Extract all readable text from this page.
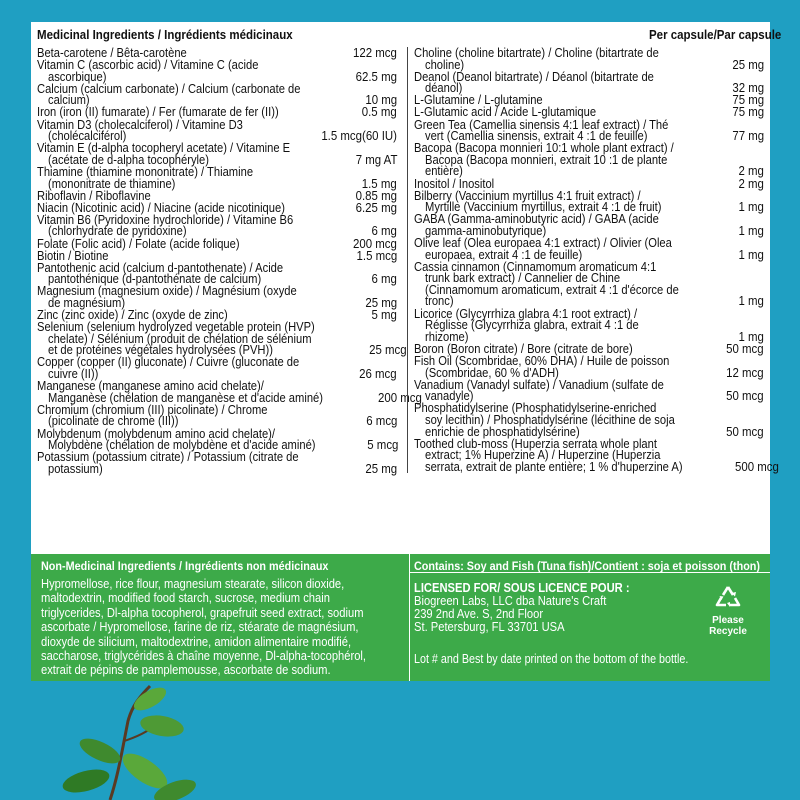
Medicinal Ingredients / Ingrédients médicinaux	Per capsule/Par capsule
Beta-carotene / Bêta-carotène	122 mcg
Vitamin C (ascorbic acid) / Vitamine C (acide
ascorbique)	62.5 mg
Calcium (calcium carbonate) / Calcium (carbonate de
calcium)	10 mg
Iron (iron (II) fumarate) / Fer (fumarate de fer (II))	0.5 mg
Vitamin D3 (cholecalciferol) / Vitamine D3
(cholécalciférol)	1.5 mcg(60 IU)
Vitamin E (d-alpha tocopheryl acetate) / Vitamine E
(acétate de d-alpha tocophéryle)	7 mg AT
Thiamine (thiamine mononitrate) / Thiamine
(mononitrate de thiamine)	1.5 mg
Riboflavin / Riboflavine	0.85 mg
Niacin (Nicotinic acid) / Niacine (acide nicotinique)	6.25 mg
Vitamin B6 (Pyridoxine hydrochloride) / Vitamine B6
(chlorhydrate de pyridoxine)	6 mg
Folate (Folic acid) / Folate (acide folique)	200 mcg
Biotin / Biotine	1.5 mcg
Pantothenic acid (calcium d-pantothenate) / Acide
pantothénique (d-pantothénate de calcium)	6 mg
Magnesium (magnesium oxide) / Magnésium (oxyde
de magnésium)	25 mg
Zinc (zinc oxide) / Zinc (oxyde de zinc)	5 mg
Selenium (selenium hydrolyzed vegetable protein (HVP)
chelate) / Sélénium (produit de chélation de sélénium
et de protéines végétales hydrolysées (PVH))	25 mcg
Copper (copper (II) gluconate) / Cuivre (gluconate de
cuivre (II))	26 mcg
Manganese (manganese amino acid chelate)/
Manganèse (chélation de manganèse et d'acide aminé)	200 mcg
Chromium (chromium (III) picolinate) / Chrome
(picolinate de chrome (III))	6 mcg
Molybdenum (molybdenum amino acid chelate)/
Molybdène (chélation de molybdène et d'acide aminé)	5 mcg
Potassium (potassium citrate) / Potassium (citrate de
potassium)	25 mg
Choline (choline bitartrate) / Choline (bitartrate de
choline)	25 mg
Deanol (Deanol bitartrate) / Déanol (bitartrate de
déanol)	32 mg
L-Glutamine / L-glutamine	75 mg
L-Glutamic acid / Acide L-glutamique	75 mg
Green Tea (Camellia sinensis 4:1 leaf extract) / Thé
vert (Camellia sinensis, extrait 4 :1 de feuille)	77 mg
Bacopa (Bacopa monnieri 10:1 whole plant extract) /
Bacopa (Bacopa monnieri, extrait 10 :1 de plante
entière)	2 mg
Inositol / Inositol	2 mg
Bilberry (Vaccinium myrtillus 4:1 fruit extract) /
Myrtille (Vaccinium myrtillus, extrait 4 :1 de fruit)	1 mg
GABA (Gamma-aminobutyric acid) / GABA (acide
gamma-aminobutyrique)	1 mg
Olive leaf (Olea europaea 4:1 extract) / Olivier (Olea
europaea, extrait 4 :1 de feuille)	1 mg
Cassia cinnamon (Cinnamomum aromaticum 4:1
trunk bark extract) / Cannelier de Chine
(Cinnamomum aromaticum, extrait 4 :1 d'écorce de
tronc)	1 mg
Licorice (Glycyrrhiza glabra 4:1 root extract) /
Réglisse (Glycyrrhiza glabra, extrait 4 :1 de
rhizome)	1 mg
Boron (Boron citrate) / Bore (citrate de bore)	50 mcg
Fish Oil (Scombridae, 60% DHA) / Huile de poisson
(Scombridae, 60 % d'ADH)	12 mcg
Vanadium (Vanadyl sulfate) / Vanadium (sulfate de
vanadyle)	50 mcg
Phosphatidylserine (Phosphatidylserine-enriched
soy lecithin) / Phosphatidylsérine (lécithine de soja
enrichie de phosphatidylsérine)	50 mcg
Toothed club-moss (Huperzia serrata whole plant
extract; 1% Huperzine A) / Huperzine (Huperzia
serrata, extrait de plante entière; 1 % d'huperzine A)	500 mcg
Non-Medicinal Ingredients / Ingrédients non médicinaux
Hypromellose, rice flour, magnesium stearate, silicon dioxide,
maltodextrin, modified food starch, sucrose, medium chain
triglycerides, Dl-alpha tocopherol, grapefruit seed extract, sodium
ascorbate / Hypromellose, farine de riz, stéarate de magnésium,
dioxyde de silicium, maltodextrine, amidon alimentaire modifié,
saccharose, triglycérides à chaîne moyenne, Dl-alpha-tocophérol,
extrait de pépins de pamplemousse, ascorbate de sodium.
Contains: Soy and Fish (Tuna fish)/Contient : soja et poisson (thon)
LICENSED FOR/ SOUS LICENCE POUR :
Biogreen Labs, LLC dba Nature's Craft
239 2nd Ave. S, 2nd Floor
St. Petersburg, FL 33701 USA
Lot # and Best by date printed on the bottom of the bottle.
Please
Recycle
